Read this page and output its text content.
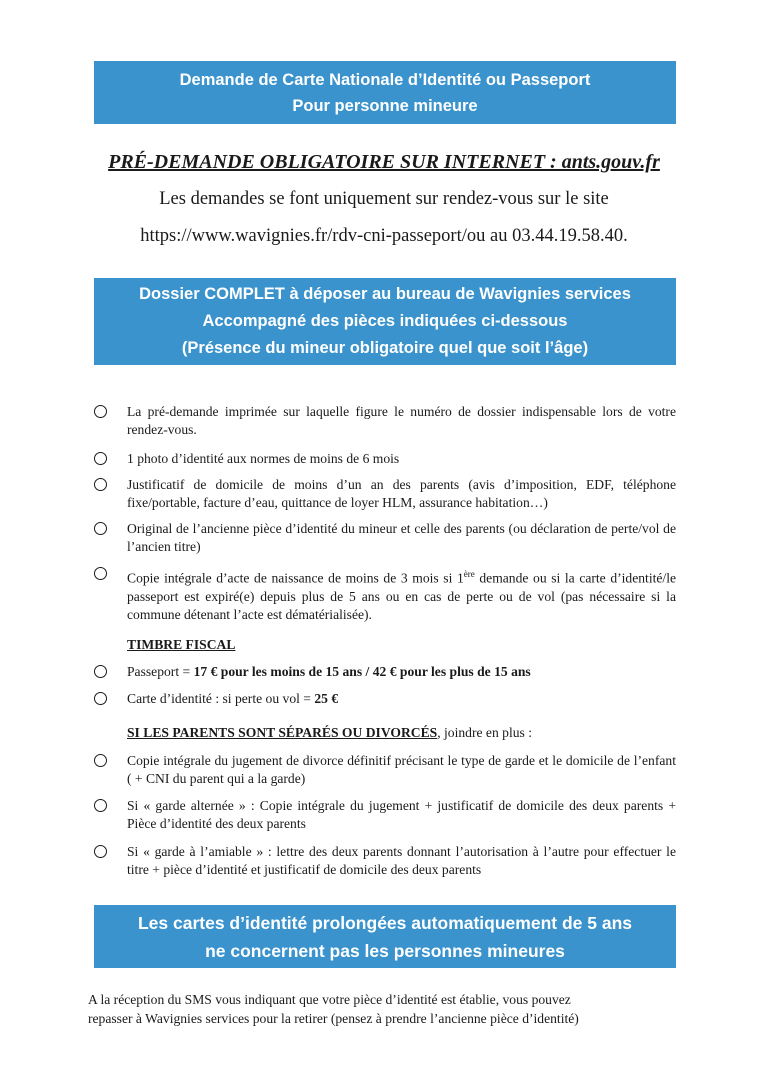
Demande de Carte Nationale d’Identité ou Passeport
Pour personne mineure
PRÉ-DEMANDE OBLIGATOIRE SUR INTERNET : ants.gouv.fr
Les demandes se font uniquement sur rendez-vous sur le site
https://www.wavignies.fr/rdv-cni-passeport/ou au 03.44.19.58.40.
Dossier COMPLET à déposer au bureau de Wavignies services
Accompagné des pièces indiquées ci-dessous
(Présence du mineur obligatoire quel que soit l’âge)
La pré-demande imprimée sur laquelle figure le numéro de dossier indispensable lors de votre rendez-vous.
1 photo d’identité aux normes de moins de 6 mois
Justificatif de domicile de moins d’un an des parents (avis d’imposition, EDF, téléphone fixe/portable, facture d’eau, quittance de loyer HLM, assurance habitation…)
Original de l’ancienne pièce d’identité du mineur et celle des parents (ou déclaration de perte/vol de l’ancien titre)
Copie intégrale d’acte de naissance de moins de 3 mois si 1ère demande ou si la carte d’identité/le passeport est expiré(e) depuis plus de 5 ans ou en cas de perte ou de vol (pas nécessaire si la commune détenant l’acte est dématérialisée).
TIMBRE FISCAL
Passeport = 17 € pour les moins de 15 ans / 42 € pour les plus de 15 ans
Carte d’identité : si perte ou vol = 25 €
SI LES PARENTS SONT SÉPARÉS OU DIVORCÉS, joindre en plus :
Copie intégrale du jugement de divorce définitif précisant le type de garde et le domicile de l’enfant ( + CNI du parent qui a la garde)
Si « garde alternée » : Copie intégrale du jugement + justificatif de domicile des deux parents + Pièce d’identité des deux parents
Si « garde à l’amiable » : lettre des deux parents donnant l’autorisation à l’autre pour effectuer le titre + pièce d’identité et justificatif de domicile des deux parents
Les cartes d’identité prolongées automatiquement de 5 ans
ne concernent pas les personnes mineures
A la réception du SMS vous indiquant que votre pièce d’identité est établie, vous pouvez
repasser à Wavignies services pour la retirer (pensez à prendre l’ancienne pièce d’identité)
